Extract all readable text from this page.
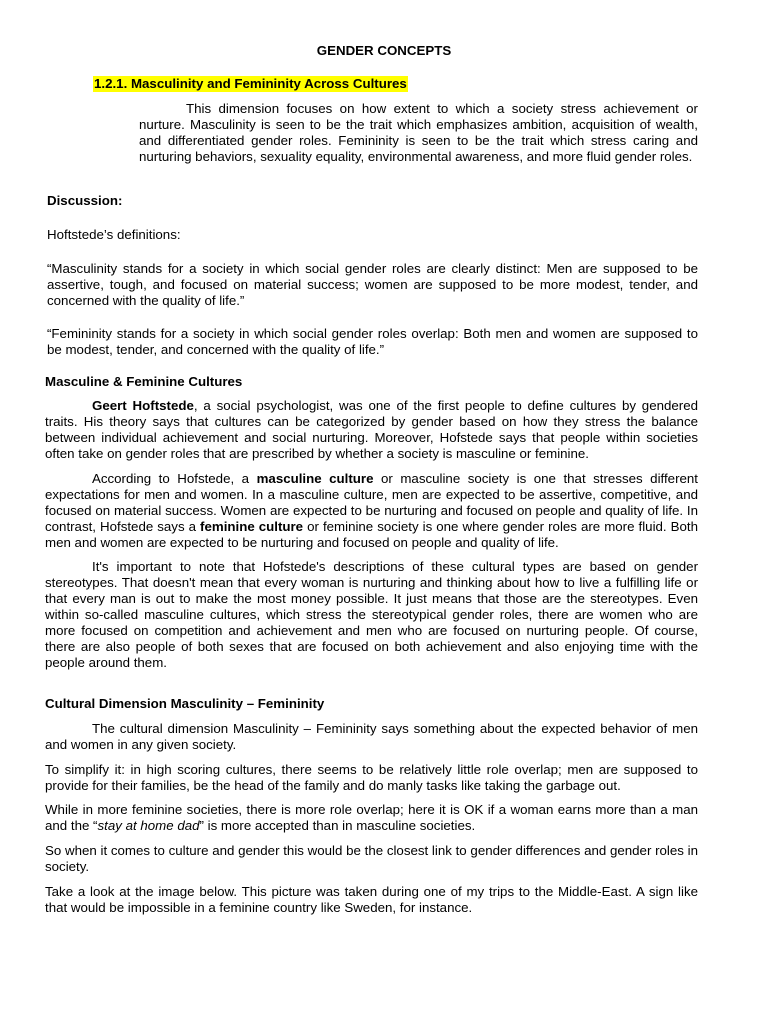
GENDER CONCEPTS
1.2.1. Masculinity and Femininity Across Cultures

This dimension focuses on how extent to which a society stress achievement or nurture. Masculinity is seen to be the trait which emphasizes ambition, acquisition of wealth, and differentiated gender roles. Femininity is seen to be the trait which stress caring and nurturing behaviors, sexuality equality, environmental awareness, and more fluid gender roles.

Discussion:
Hoftstede’s definitions:

“Masculinity stands for a society in which social gender roles are clearly distinct: Men are supposed to be assertive, tough, and focused on material success; women are supposed to be more modest, tender, and concerned with the quality of life.”

“Femininity stands for a society in which social gender roles overlap: Both men and women are supposed to be modest, tender, and concerned with the quality of life.”

Masculine & Feminine Cultures

Geert Hoftstede, a social psychologist, was one of the first people to define cultures by gendered traits. His theory says that cultures can be categorized by gender based on how they stress the balance between individual achievement and social nurturing. Moreover, Hofstede says that people within societies often take on gender roles that are prescribed by whether a society is masculine or feminine.

According to Hofstede, a masculine culture or masculine society is one that stresses different expectations for men and women. In a masculine culture, men are expected to be assertive, competitive, and focused on material success. Women are expected to be nurturing and focused on people and quality of life. In contrast, Hofstede says a feminine culture or feminine society is one where gender roles are more fluid. Both men and women are expected to be nurturing and focused on people and quality of life.

It's important to note that Hofstede's descriptions of these cultural types are based on gender stereotypes. That doesn't mean that every woman is nurturing and thinking about how to live a fulfilling life or that every man is out to make the most money possible. It just means that those are the stereotypes. Even within so-called masculine cultures, which stress the stereotypical gender roles, there are women who are more focused on competition and achievement and men who are focused on nurturing people. Of course, there are also people of both sexes that are focused on both achievement and also enjoying time with the people around them.

Cultural Dimension Masculinity – Femininity

The cultural dimension Masculinity – Femininity says something about the expected behavior of men and women in any given society.

To simplify it: in high scoring cultures, there seems to be relatively little role overlap; men are supposed to provide for their families, be the head of the family and do manly tasks like taking the garbage out.

While in more feminine societies, there is more role overlap; here it is OK if a woman earns more than a man and the “stay at home dad” is more accepted than in masculine societies.

So when it comes to culture and gender this would be the closest link to gender differences and gender roles in society.

Take a look at the image below. This picture was taken during one of my trips to the Middle-East. A sign like that would be impossible in a feminine country like Sweden, for instance.
